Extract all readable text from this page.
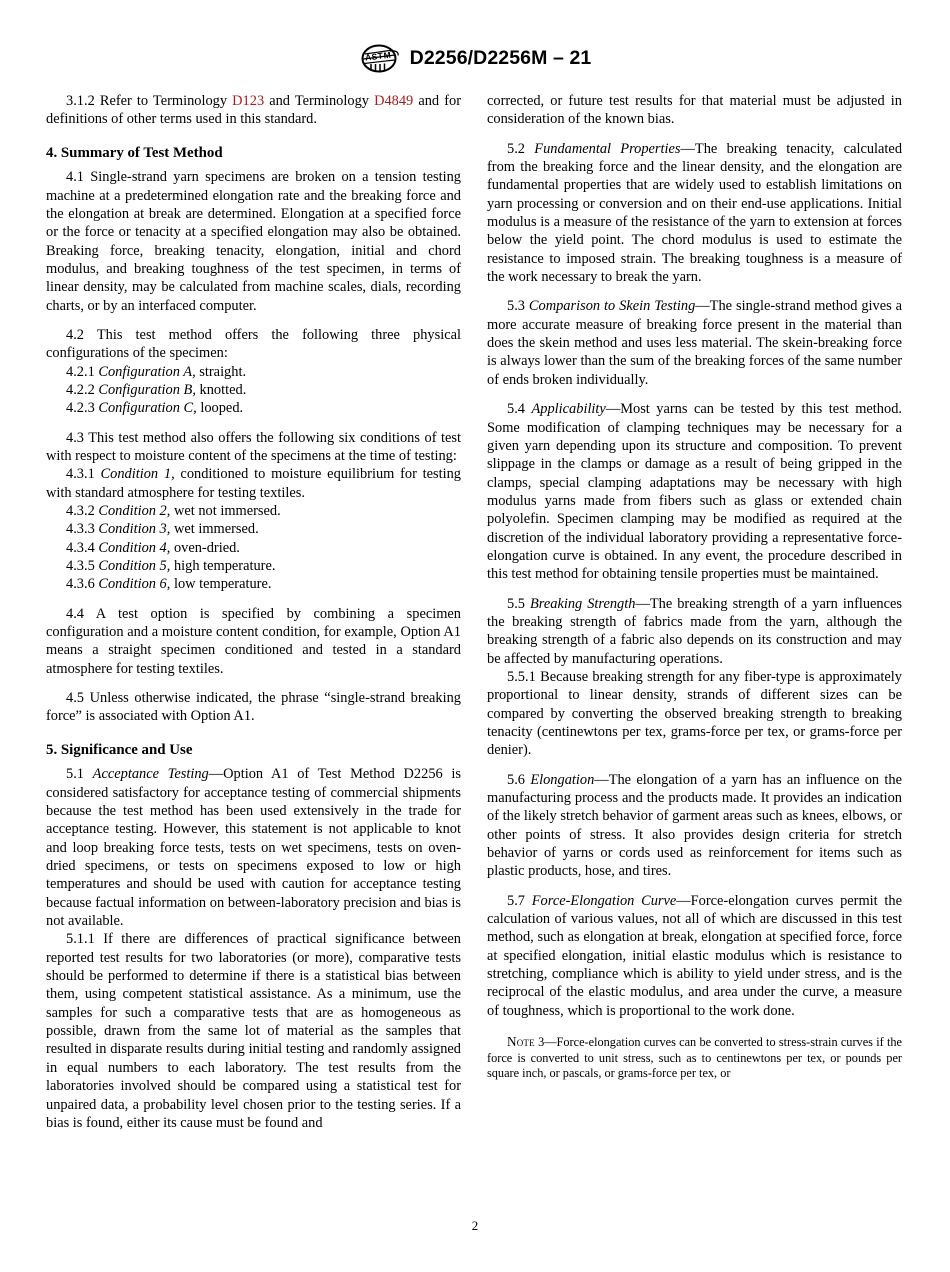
A S T M D2256/D2256M – 21

3.1.2 Refer to Terminology D123 and Terminology D4849 and for definitions of other terms used in this standard.

4. Summary of Test Method

4.1 Single-strand yarn specimens are broken on a tension testing machine at a predetermined elongation rate and the breaking force and the elongation at break are determined. Elongation at a specified force or the force or tenacity at a specified elongation may also be obtained. Breaking force, breaking tenacity, elongation, initial and chord modulus, and breaking toughness of the test specimen, in terms of linear density, may be calculated from machine scales, dials, recording charts, or by an interfaced computer.

4.2 This test method offers the following three physical configurations of the specimen:

4.2.1 Configuration A, straight.

4.2.2 Configuration B, knotted.

4.2.3 Configuration C, looped.

4.3 This test method also offers the following six conditions of test with respect to moisture content of the specimens at the time of testing:

4.3.1 Condition 1, conditioned to moisture equilibrium for testing with standard atmosphere for testing textiles.

4.3.2 Condition 2, wet not immersed.

4.3.3 Condition 3, wet immersed.

4.3.4 Condition 4, oven-dried.

4.3.5 Condition 5, high temperature.

4.3.6 Condition 6, low temperature.

4.4 A test option is specified by combining a specimen configuration and a moisture content condition, for example, Option A1 means a straight specimen conditioned and tested in a standard atmosphere for testing textiles.

4.5 Unless otherwise indicated, the phrase “single-strand breaking force” is associated with Option A1.

5. Significance and Use

5.1 Acceptance Testing—Option A1 of Test Method D2256 is considered satisfactory for acceptance testing of commercial shipments because the test method has been used extensively in the trade for acceptance testing. However, this statement is not applicable to knot and loop breaking force tests, tests on wet specimens, tests on oven-dried specimens, or tests on specimens exposed to low or high temperatures and should be used with caution for acceptance testing because factual information on between-laboratory precision and bias is not available.

5.1.1 If there are differences of practical significance between reported test results for two laboratories (or more), comparative tests should be performed to determine if there is a statistical bias between them, using competent statistical assistance. As a minimum, use the samples for such a comparative tests that are as homogeneous as possible, drawn from the same lot of material as the samples that resulted in disparate results during initial testing and randomly assigned in equal numbers to each laboratory. The test results from the laboratories involved should be compared using a statistical test for unpaired data, a probability level chosen prior to the testing series. If a bias is found, either its cause must be found and

corrected, or future test results for that material must be adjusted in consideration of the known bias.

5.2 Fundamental Properties—The breaking tenacity, calculated from the breaking force and the linear density, and the elongation are fundamental properties that are widely used to establish limitations on yarn processing or conversion and on their end-use applications. Initial modulus is a measure of the resistance of the yarn to extension at forces below the yield point. The chord modulus is used to estimate the resistance to imposed strain. The breaking toughness is a measure of the work necessary to break the yarn.

5.3 Comparison to Skein Testing—The single-strand method gives a more accurate measure of breaking force present in the material than does the skein method and uses less material. The skein-breaking force is always lower than the sum of the breaking forces of the same number of ends broken individually.

5.4 Applicability—Most yarns can be tested by this test method. Some modification of clamping techniques may be necessary for a given yarn depending upon its structure and composition. To prevent slippage in the clamps or damage as a result of being gripped in the clamps, special clamping adaptations may be necessary with high modulus yarns made from fibers such as glass or extended chain polyolefin. Specimen clamping may be modified as required at the discretion of the individual laboratory providing a representative force-elongation curve is obtained. In any event, the procedure described in this test method for obtaining tensile properties must be maintained.

5.5 Breaking Strength—The breaking strength of a yarn influences the breaking strength of fabrics made from the yarn, although the breaking strength of a fabric also depends on its construction and may be affected by manufacturing operations.

5.5.1 Because breaking strength for any fiber-type is approximately proportional to linear density, strands of different sizes can be compared by converting the observed breaking strength to breaking tenacity (centinewtons per tex, grams-force per tex, or grams-force per denier).

5.6 Elongation—The elongation of a yarn has an influence on the manufacturing process and the products made. It provides an indication of the likely stretch behavior of garment areas such as knees, elbows, or other points of stress. It also provides design criteria for stretch behavior of yarns or cords used as reinforcement for items such as plastic products, hose, and tires.

5.7 Force-Elongation Curve—Force-elongation curves permit the calculation of various values, not all of which are discussed in this test method, such as elongation at break, elongation at specified force, force at specified elongation, initial elastic modulus which is resistance to stretching, compliance which is ability to yield under stress, and is the reciprocal of the elastic modulus, and area under the curve, a measure of toughness, which is proportional to the work done.

Note 3—Force-elongation curves can be converted to stress-strain curves if the force is converted to unit stress, such as to centinewtons per tex, or pounds per square inch, or pascals, or grams-force per tex, or

2
